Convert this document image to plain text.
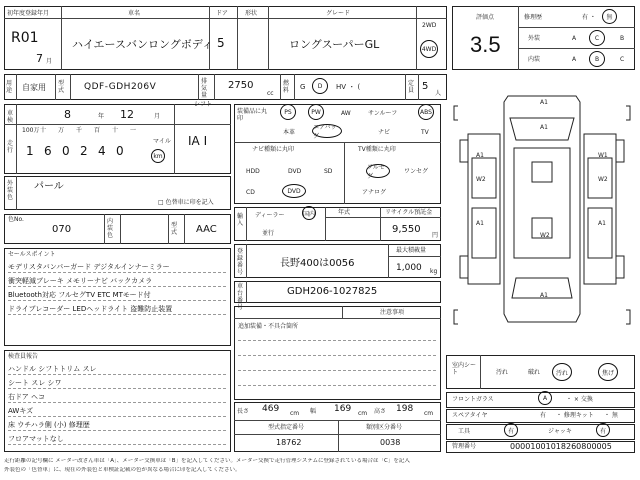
初年度登録年月
R01
7 月
車名
ハイエースバンロングボディ
ドア
5
形状	グレード
ロングスーパーGL
2WD
4WD
用途 自家用 型式	QDF-GDH206V
排気量
2750
cc
燃料 G	D	HV ・ (	定員 5
人
評価点
3.5
修理歴	有 ・	無
外装	A	C	B
内装	A	B	C
車検	8	年 12	月
シフト
IA I
走行
100万 十 万 千 百 十 一
1 6 0 2 4 0
マイル
km
外装色
パール
□ 色替車に印を記入
色No.
070
内装色
型式	AAC
セールスポイント
モデリスタバンパーガード デジタルインナーミラー
衝突軽減ブレーキ メモリーナビ バックカメラ
Bluetooth対応 フルセグTV ETC MTモード付
ドライブレコーダー LEDヘッドライト 盗難防止装置
検査員報告
ハンドル シフトトリム スレ
シート スレ シワ
右ドア ヘコ
AWキズ
床 ウチハラ側 (小) 修理歴
フロアマットなし
装備品に丸印
PS	PW	AW	サンルーフ	ABS
本革
エアバッグ
ナビ	TV
ナビ種類に丸印
HDD	DVD	SD
CD	DVD
TV種類に丸印
フルセグ
ワンセグ
アナログ
輸入
ディーラー
並行
国内	年式	リサイクル預託金
9,550
円
登録番号
長野400は0056
最大積載量
1,000 kg
車台番号
GDH206-1027825
注意事項
追加装備・不具合箇所
長さ 469 cm 幅 169 cm 高さ 198 cm
型式指定番号
18762
類別区分番号
0038
A1
A1
A1
W2
A1
W1
W2
A1
W2
A1
室内シート	汚れ	破れ	汚れ	焦げ
フロントガラス	A	・ × 交換
スペアタイヤ	有 ・ 修理キット ・ 無
工具	有	ジャッキ	有
管理番号	00001001018260800005
走行距離の記号欄に メーター改ざん車は「A」、メーター交換車は「B」を記入してください。メーター交換で走行管理システムに登録されている場合は「C」を記入
外装色の「色替車」に、現在の外装色と車検証記載の色が異なる場合に印を記入してください。
